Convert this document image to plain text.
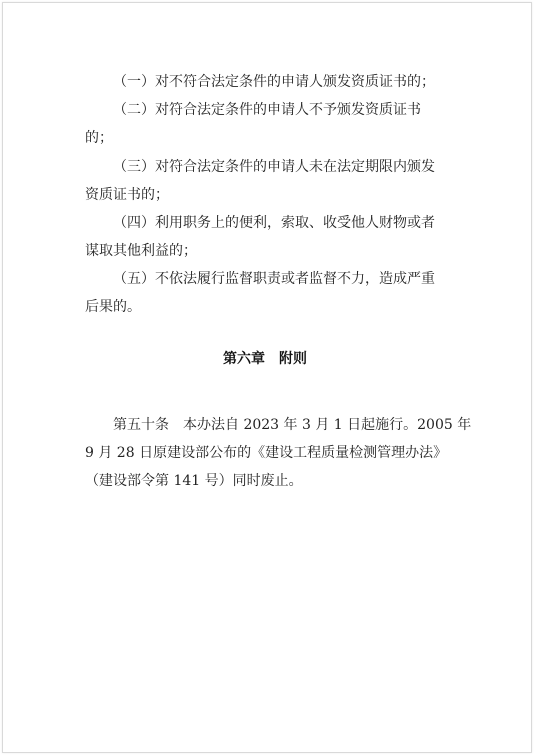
（一）对不符合法定条件的申请人颁发资质证书的；
（二）对符合法定条件的申请人不予颁发资质证书
的；
（三）对符合法定条件的申请人未在法定期限内颁发
资质证书的；
（四）利用职务上的便利，索取、收受他人财物或者
谋取其他利益的；
（五）不依法履行监督职责或者监督不力，造成严重
后果的。
第六章　附则
第五十条　本办法自 2023 年 3 月 1 日起施行。2005 年
9 月 28 日原建设部公布的《建设工程质量检测管理办法》
（建设部令第 141 号）同时废止。
